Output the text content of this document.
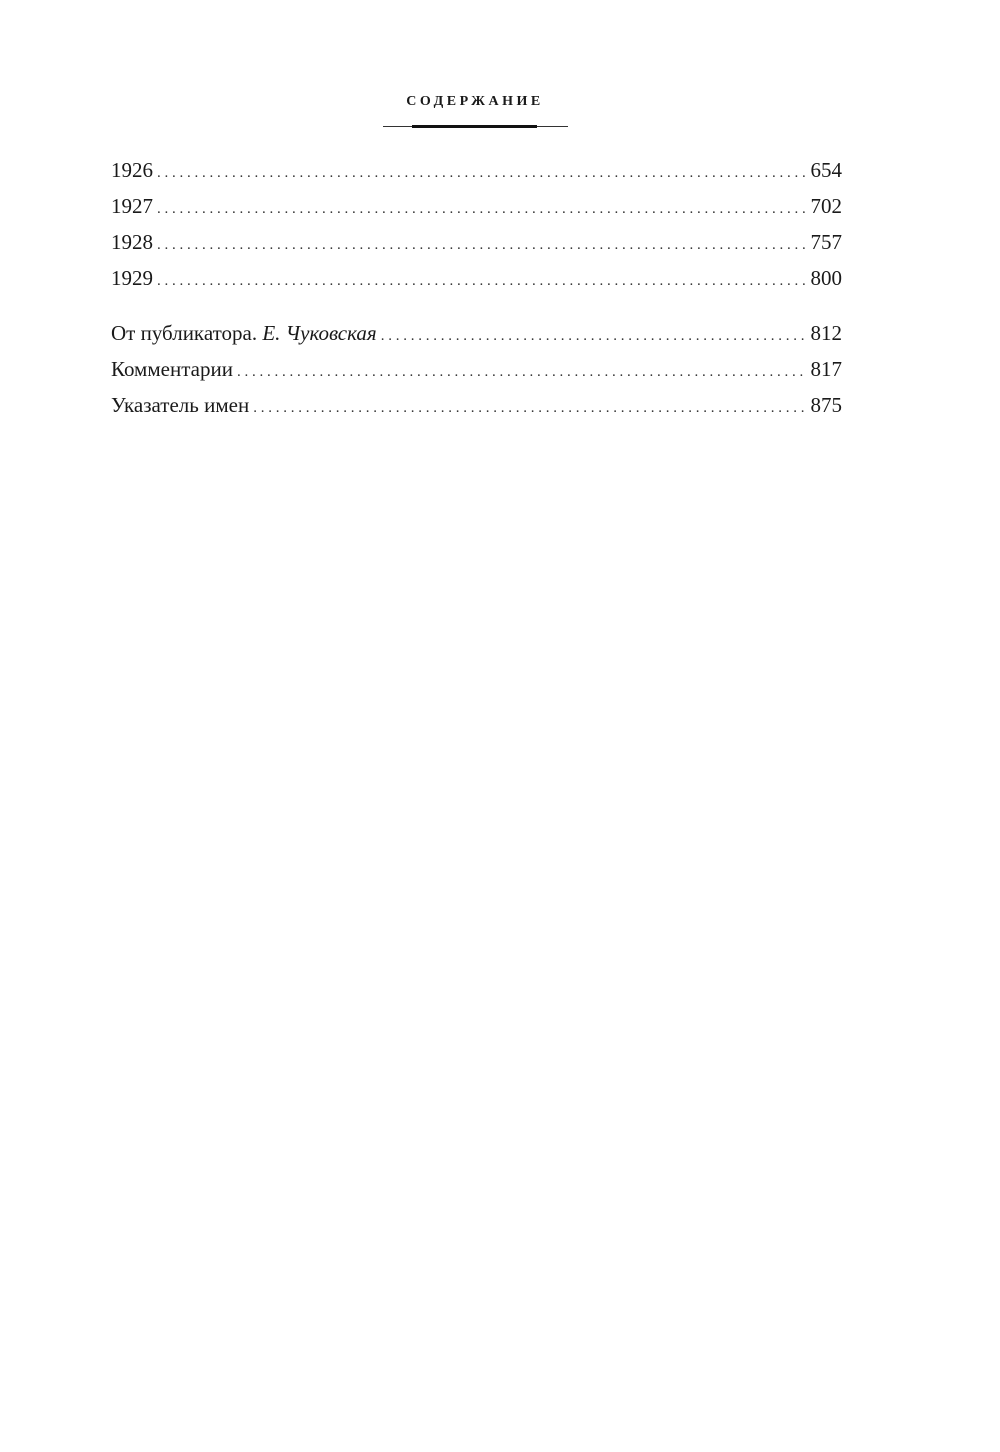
СОДЕРЖАНИЕ
1926 . . .	654
1927 . . .	702
1928 . . .	757
1929 . . .	800
От публикатора. Е. Чуковская . . .	812
Комментарии . . .	817
Указатель имен . . .	875
